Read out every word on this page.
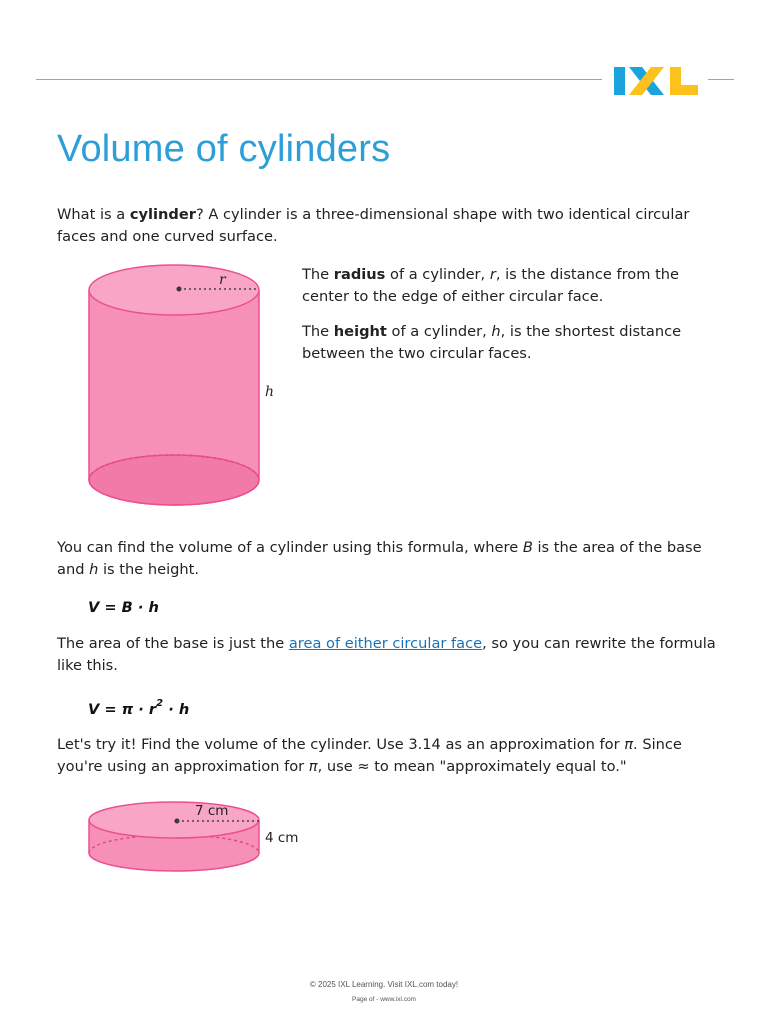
Volume of cylinders

What is a cylinder? A cylinder is a three-dimensional shape with two identical circular faces and one curved surface.

r
h

The radius of a cylinder, r, is the distance from the center to the edge of either circular face.

The height of a cylinder, h, is the shortest distance between the two circular faces.

You can find the volume of a cylinder using this formula, where B is the area of the base and h is the height.

V = B · h

The area of the base is just the area of either circular face, so you can rewrite the formula like this.

$V = \pi \cdot r^2 \cdot h$

Let's try it! Find the volume of the cylinder. Use 3.14 as an approximation for π. Since you're using an approximation for π, use ≈ to mean "approximately equal to."

7 cm
4 cm
© 2025 IXL Learning. Visit IXL.com today!
Page of - www.ixl.com
